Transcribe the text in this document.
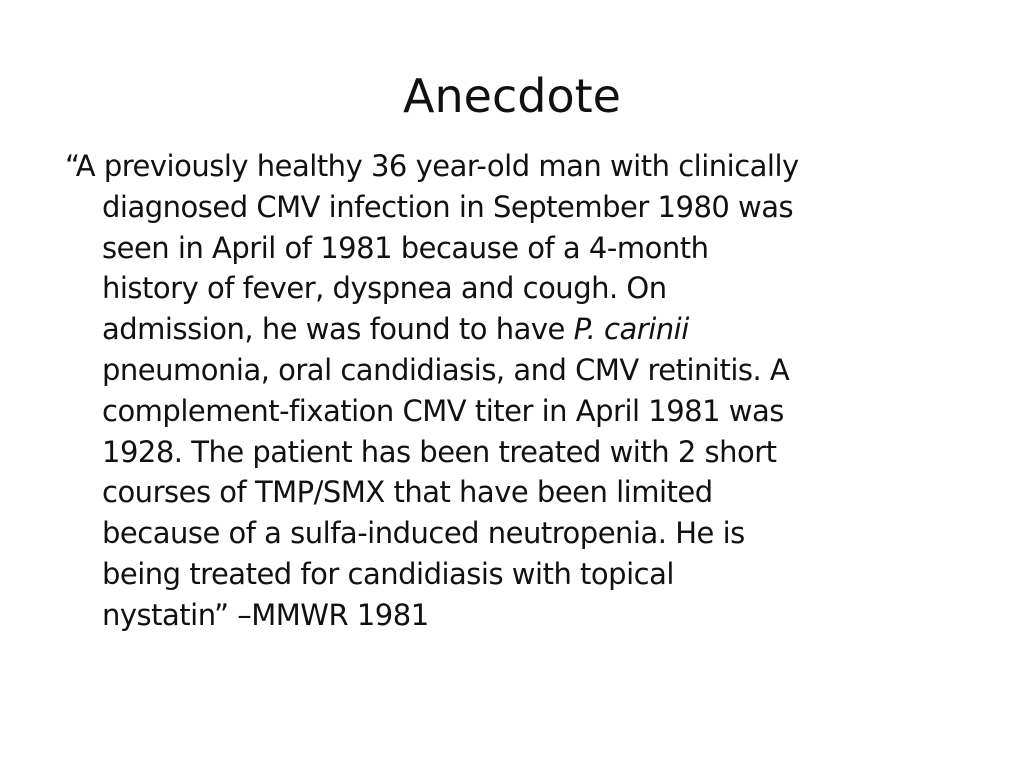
Anecdote
“A previously healthy 36 year-old man with clinically
diagnosed CMV infection in September 1980 was
seen in April of 1981 because of a 4-month
history of fever, dyspnea and cough. On
admission, he was found to have P. carinii
pneumonia, oral candidiasis, and CMV retinitis. A
complement-fixation CMV titer in April 1981 was
1928. The patient has been treated with 2 short
courses of TMP/SMX that have been limited
because of a sulfa-induced neutropenia. He is
being treated for candidiasis with topical
nystatin” –MMWR 1981
